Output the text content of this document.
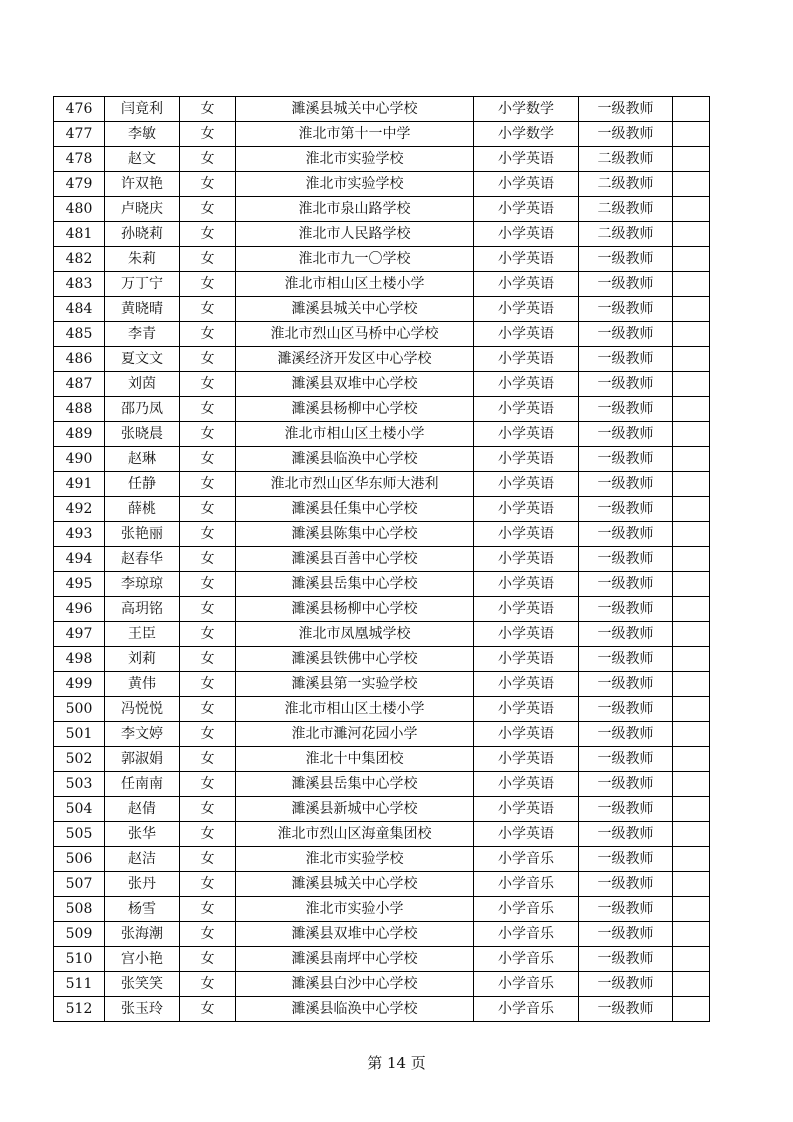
476	闫竟利	女	濉溪县城关中心学校	小学数学	一级教师	
477	李敏	女	淮北市第十一中学	小学数学	一级教师	
478	赵文	女	淮北市实验学校	小学英语	二级教师	
479	许双艳	女	淮北市实验学校	小学英语	二级教师	
480	卢晓庆	女	淮北市泉山路学校	小学英语	二级教师	
481	孙晓莉	女	淮北市人民路学校	小学英语	二级教师	
482	朱莉	女	淮北市九一〇学校	小学英语	一级教师	
483	万丁宁	女	淮北市相山区土楼小学	小学英语	一级教师	
484	黄晓晴	女	濉溪县城关中心学校	小学英语	一级教师	
485	李青	女	淮北市烈山区马桥中心学校	小学英语	一级教师	
486	夏文文	女	濉溪经济开发区中心学校	小学英语	一级教师	
487	刘茵	女	濉溪县双堆中心学校	小学英语	一级教师	
488	邵乃凤	女	濉溪县杨柳中心学校	小学英语	一级教师	
489	张晓晨	女	淮北市相山区土楼小学	小学英语	一级教师	
490	赵琳	女	濉溪县临涣中心学校	小学英语	一级教师	
491	任静	女	淮北市烈山区华东师大港利	小学英语	一级教师	
492	薛桃	女	濉溪县任集中心学校	小学英语	一级教师	
493	张艳丽	女	濉溪县陈集中心学校	小学英语	一级教师	
494	赵春华	女	濉溪县百善中心学校	小学英语	一级教师	
495	李琼琼	女	濉溪县岳集中心学校	小学英语	一级教师	
496	高玥铭	女	濉溪县杨柳中心学校	小学英语	一级教师	
497	王臣	女	淮北市凤凰城学校	小学英语	一级教师	
498	刘莉	女	濉溪县铁佛中心学校	小学英语	一级教师	
499	黄伟	女	濉溪县第一实验学校	小学英语	一级教师	
500	冯悦悦	女	淮北市相山区土楼小学	小学英语	一级教师	
501	李文婷	女	淮北市濉河花园小学	小学英语	一级教师	
502	郭淑娟	女	淮北十中集团校	小学英语	一级教师	
503	任南南	女	濉溪县岳集中心学校	小学英语	一级教师	
504	赵倩	女	濉溪县新城中心学校	小学英语	一级教师	
505	张华	女	淮北市烈山区海童集团校	小学英语	一级教师	
506	赵洁	女	淮北市实验学校	小学音乐	一级教师	
507	张丹	女	濉溪县城关中心学校	小学音乐	一级教师	
508	杨雪	女	淮北市实验小学	小学音乐	一级教师	
509	张海潮	女	濉溪县双堆中心学校	小学音乐	一级教师	
510	宫小艳	女	濉溪县南坪中心学校	小学音乐	一级教师	
511	张笑笑	女	濉溪县白沙中心学校	小学音乐	一级教师	
512	张玉玲	女	濉溪县临涣中心学校	小学音乐	一级教师	
第 14 页
